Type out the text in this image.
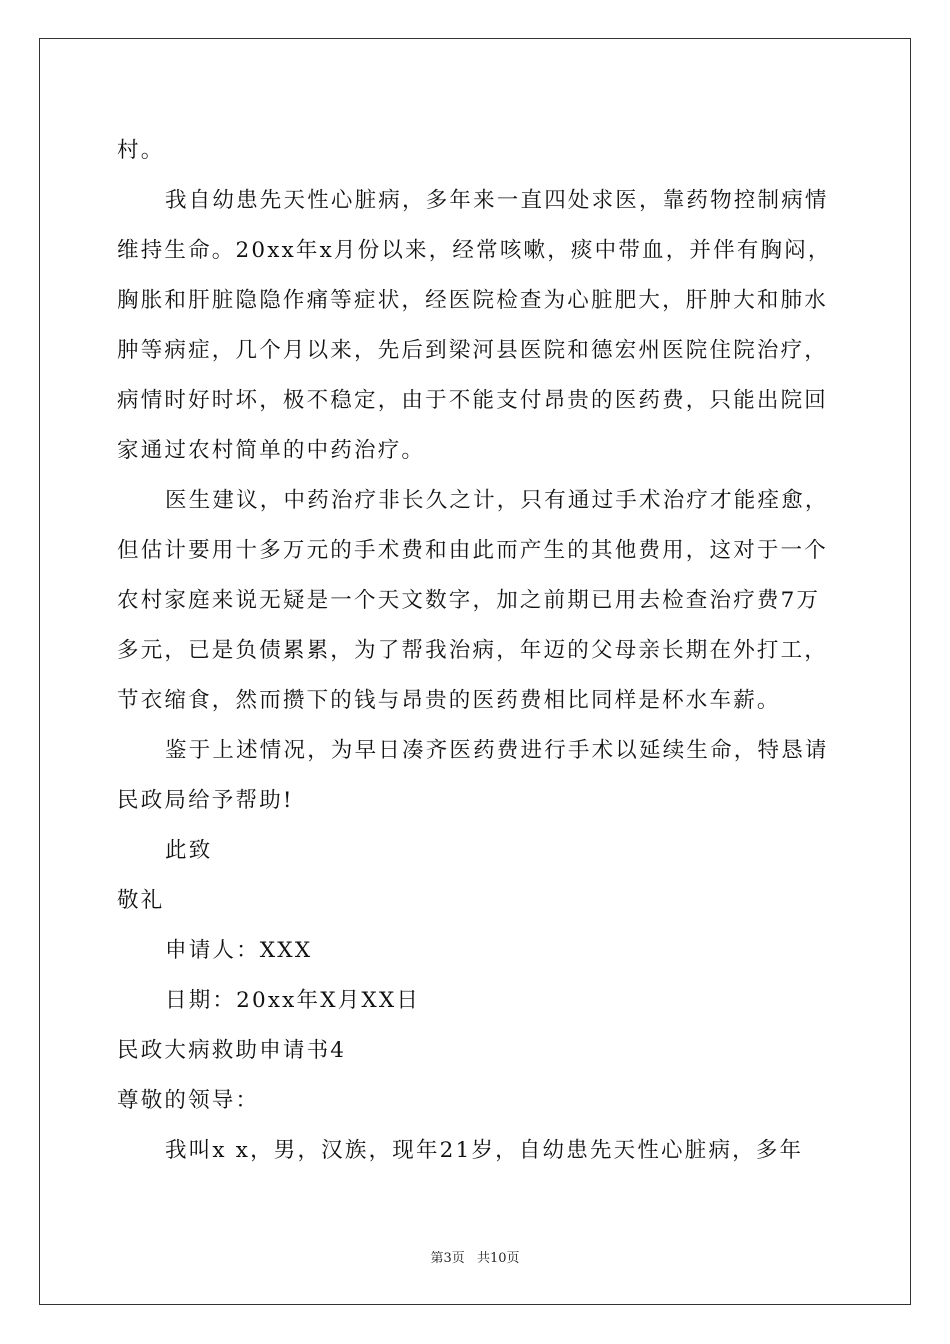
村。
我自幼患先天性心脏病，多年来一直四处求医，靠药物控制病情
维持生命。20xx年x月份以来，经常咳嗽，痰中带血，并伴有胸闷，
胸胀和肝脏隐隐作痛等症状，经医院检查为心脏肥大，肝肿大和肺水
肿等病症，几个月以来，先后到梁河县医院和德宏州医院住院治疗，
病情时好时坏，极不稳定，由于不能支付昂贵的医药费，只能出院回
家通过农村简单的中药治疗。
医生建议，中药治疗非长久之计，只有通过手术治疗才能痊愈，
但估计要用十多万元的手术费和由此而产生的其他费用，这对于一个
农村家庭来说无疑是一个天文数字，加之前期已用去检查治疗费7万
多元，已是负债累累，为了帮我治病，年迈的父母亲长期在外打工，
节衣缩食，然而攒下的钱与昂贵的医药费相比同样是杯水车薪。
鉴于上述情况，为早日凑齐医药费进行手术以延续生命，特恳请
民政局给予帮助!
此致
敬礼
申请人：XXX
日期：20xx年X月XX日
民政大病救助申请书4
尊敬的领导：
我叫x x，男，汉族，现年21岁，自幼患先天性心脏病，多年
第3页 共10页
